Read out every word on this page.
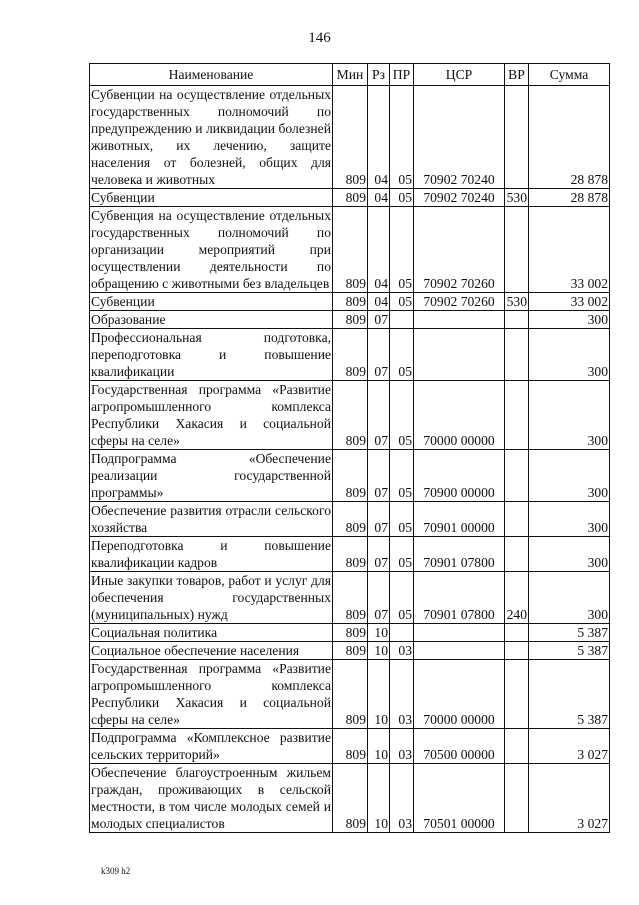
146
Наименование	Мин	Рз	ПР	ЦСР	ВР	Сумма
Субвенции на осуществление отдельных государственных полномочий по предупреждению и ликвидации болезней животных, их лечению, защите населения от болезней, общих для человека и животных	809	04	05	70902 70240		28 878
Субвенции	809	04	05	70902 70240	530	28 878
Субвенция на осуществление отдельных государственных полномочий по организации мероприятий при осуществлении деятельности по обращению с животными без владельцев	809	04	05	70902 70260		33 002
Субвенции	809	04	05	70902 70260	530	33 002
Образование	809	07				300
Профессиональная подготовка, переподготовка и повышение квалификации	809	07	05			300
Государственная программа «Развитие агропромышленного комплекса Республики Хакасия и социальной сферы на селе»	809	07	05	70000 00000		300
Подпрограмма «Обеспечение реализации государственной программы»	809	07	05	70900 00000		300
Обеспечение развития отрасли сельского хозяйства	809	07	05	70901 00000		300
Переподготовка и повышение квалификации кадров	809	07	05	70901 07800		300
Иные закупки товаров, работ и услуг для обеспечения государственных (муниципальных) нужд	809	07	05	70901 07800	240	300
Социальная политика	809	10				5 387
Социальное обеспечение населения	809	10	03			5 387
Государственная программа «Развитие агропромышленного комплекса Республики Хакасия и социальной сферы на селе»	809	10	03	70000 00000		5 387
Подпрограмма «Комплексное развитие сельских территорий»	809	10	03	70500 00000		3 027
Обеспечение благоустроенным жильем граждан, проживающих в сельской местности, в том числе молодых семей и молодых специалистов	809	10	03	70501 00000		3 027
k309 h2
